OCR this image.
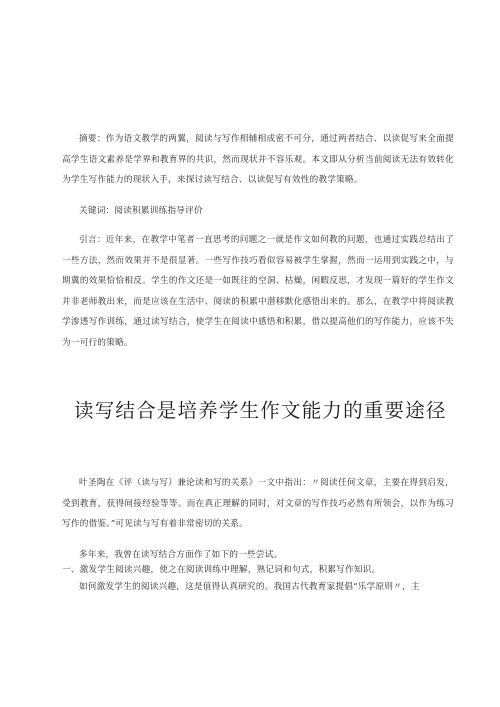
摘要：作为语文教学的两翼，阅读与写作相辅相成密不可分，通过两者结合、以读促写来全面提高学生语文素养是学界和教育界的共识，然而现状并不容乐观。本文即从分析当前阅读无法有效转化为学生写作能力的现状入手，来探讨读写结合、以读促写有效性的教学策略。

关键词：阅读积累训练指导评价

引言：近年来，在教学中笔者一直思考的问题之一就是作文如何教的问题，也通过实践总结出了一些方法，然而效果并不是很显著。一些写作技巧看似容易被学生掌握，然而一运用到实践之中，与期冀的效果恰恰相反。学生的作文还是一如既往的空洞、枯燥，闲暇反思，才发现一篇好的学生作文并非老师教出来，而是应该在生活中、阅读的积累中潜移默化感悟出来的。那么，在教学中将阅读教学渗透写作训练，通过读写结合，使学生在阅读中感悟和积累，借以提高他们的写作能力，应该不失为一可行的策略。

读写结合是培养学生作文能力的重要途径

叶圣陶在《评（读与写）兼论读和写的关系》一文中指出：〃阅读任何文章，主要在得到启发，受到教育，获得间接经验等等。而在真正理解的同时，对文章的写作技巧必然有所领会，以作为练习写作的借鉴。”可见读与写有着非常密切的关系。

多年来，我曾在读写结合方面作了如下的一些尝试。
一、激发学生阅读兴趣，使之在阅读训练中理解，熟记词和句式，积累写作知识。

如何激发学生的阅读兴趣，这是值得认真研究的。我国古代教育家提倡“乐学原则〃，主
